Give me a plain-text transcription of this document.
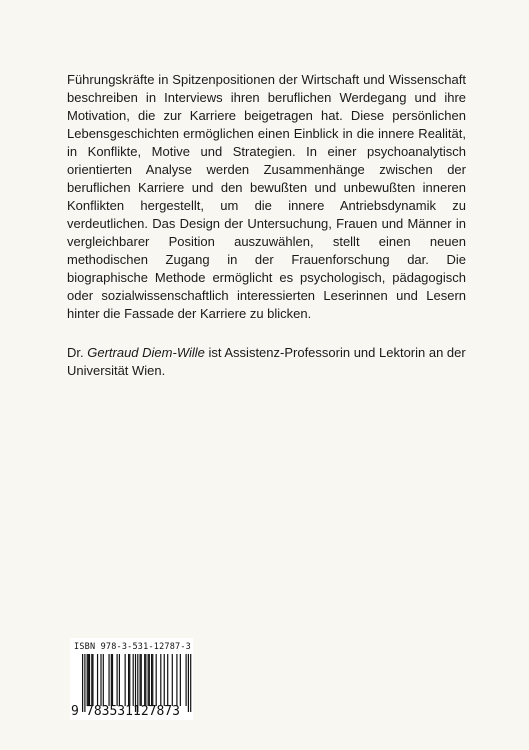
Führungskräfte in Spitzenpositionen der Wirtschaft und Wissenschaft beschreiben in Interviews ihren beruflichen Werdegang und ihre Motivation, die zur Karriere beigetragen hat. Diese persönlichen Lebensgeschichten ermöglichen einen Einblick in die innere Realität, in Konflikte, Motive und Strategien. In einer psychoanalytisch orientierten Analyse werden Zusammenhänge zwischen der beruflichen Karriere und den bewußten und unbewußten inneren Konflikten hergestellt, um die innere Antriebsdynamik zu verdeutlichen. Das Design der Untersuchung, Frauen und Männer in vergleichbarer Position auszuwählen, stellt einen neuen methodischen Zugang in der Frauenforschung dar. Die biographische Methode ermöglicht es psychologisch, pädagogisch oder sozialwissenschaftlich interessierten Leserinnen und Lesern hinter die Fassade der Karriere zu blicken.

Dr. Gertraud Diem-Wille ist Assistenz-Professorin und Lektorin an der Universität Wien.

ISBN 978-3-531-12787-3
9 783531 127873
